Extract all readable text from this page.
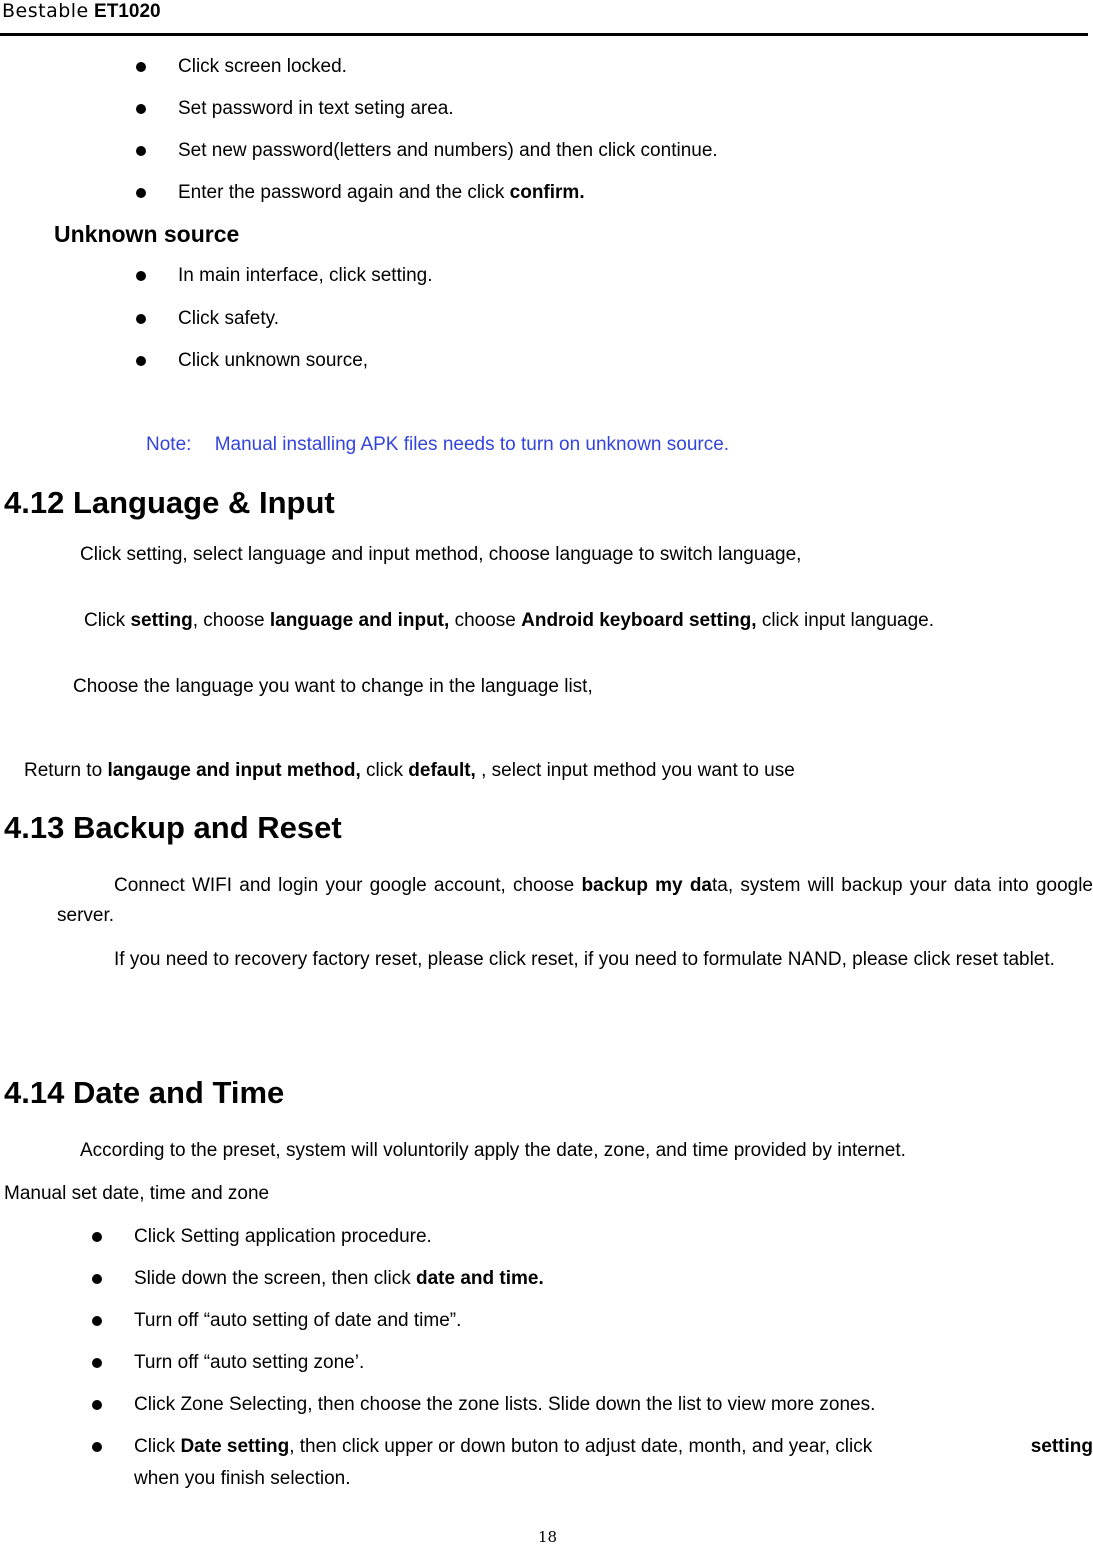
Bestable ET1020
Click screen locked.
Set password in text seting area.
Set new password(letters and numbers) and then click continue.
Enter the password again and the click confirm.
Unknown source
In main interface, click setting.
Click safety.
Click unknown source,
Note: Manual installing APK files needs to turn on unknown source.
4.12 Language & Input
Click setting, select language and input method, choose language to switch language,
Click setting, choose language and input, choose Android keyboard setting, click input language.
Choose the language you want to change in the language list,
Return to langauge and input method, click default, , select input method you want to use
4.13 Backup and Reset
Connect WIFI and login your google account, choose backup my data, system will backup your data into google server.
If you need to recovery factory reset, please click reset, if you need to formulate NAND, please click reset tablet.
4.14 Date and Time
According to the preset, system will voluntorily apply the date, zone, and time provided by internet.
Manual set date, time and zone
Click Setting application procedure.
Slide down the screen, then click date and time.
Turn off “auto setting of date and time”.
Turn off “auto setting zone’.
Click Zone Selecting, then choose the zone lists. Slide down the list to view more zones.
Click Date setting, then click upper or down buton to adjust date, month, and year, click	setting
when you finish selection.
18
